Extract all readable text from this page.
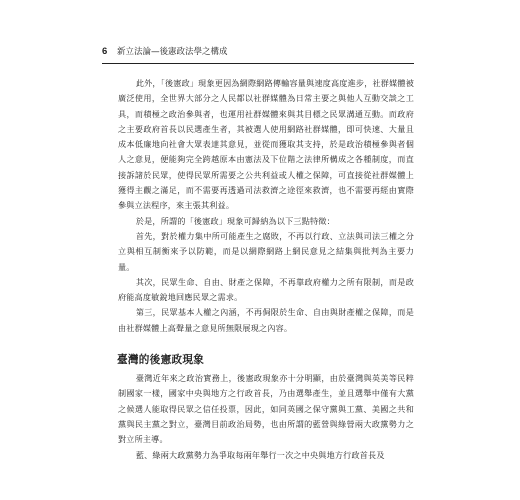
6 新立法論—後憲政法學之構成

此外，「後憲政」現象更因為網際網路傳輸容量與速度高度進步，社群媒體被廣泛使用，全世界大部分之人民都以社群媒體為日常主要之與他人互動交談之工具，而積極之政治參與者，也運用社群媒體來與其目標之民眾溝通互動。而政府之主要政府首長以民選產生者，其被選人使用網路社群媒體，即可快速、大量且成本低廉地向社會大眾表達其意見，並從而獲取其支持，於是政治積極參與者個人之意見，便能夠完全跨越原本由憲法及下位階之法律所構成之各種制度，而直接訴諸於民眾，使得民眾所需要之公共利益或人權之保障，可直接從社群媒體上獲得主觀之滿足，而不需要再透過司法救濟之途徑來救濟，也不需要再經由實際參與立法程序，來主張其利益。

於是，所謂的「後憲政」現象可歸納為以下三點特徵：

首先，對於權力集中所可能產生之腐敗，不再以行政、立法與司法三權之分立與相互制衡來予以防範，而是以網際網路上網民意見之結集與批判為主要力量。

其次，民眾生命、自由、財產之保障，不再靠政府權力之所有限制，而是政府能高度敏銳地回應民眾之需求。

第三，民眾基本人權之內涵，不再侷限於生命、自由與財產權之保障，而是由社群媒體上高聲量之意見所無限展現之內容。

臺灣的後憲政現象

臺灣近年來之政治實務上，後憲政現象亦十分明顯，由於臺灣與英美等民粹制國家一樣，國家中央與地方之行政首長，乃由選舉產生，並且選舉中僅有大黨之候選人能取得民眾之信任投票，因此，如同英國之保守黨與工黨、美國之共和黨與民主黨之對立，臺灣目前政治局勢，也由所謂的藍營與綠營兩大政黨勢力之對立所主導。

藍、綠兩大政黨勢力為爭取每兩年舉行一次之中央與地方行政首長及
